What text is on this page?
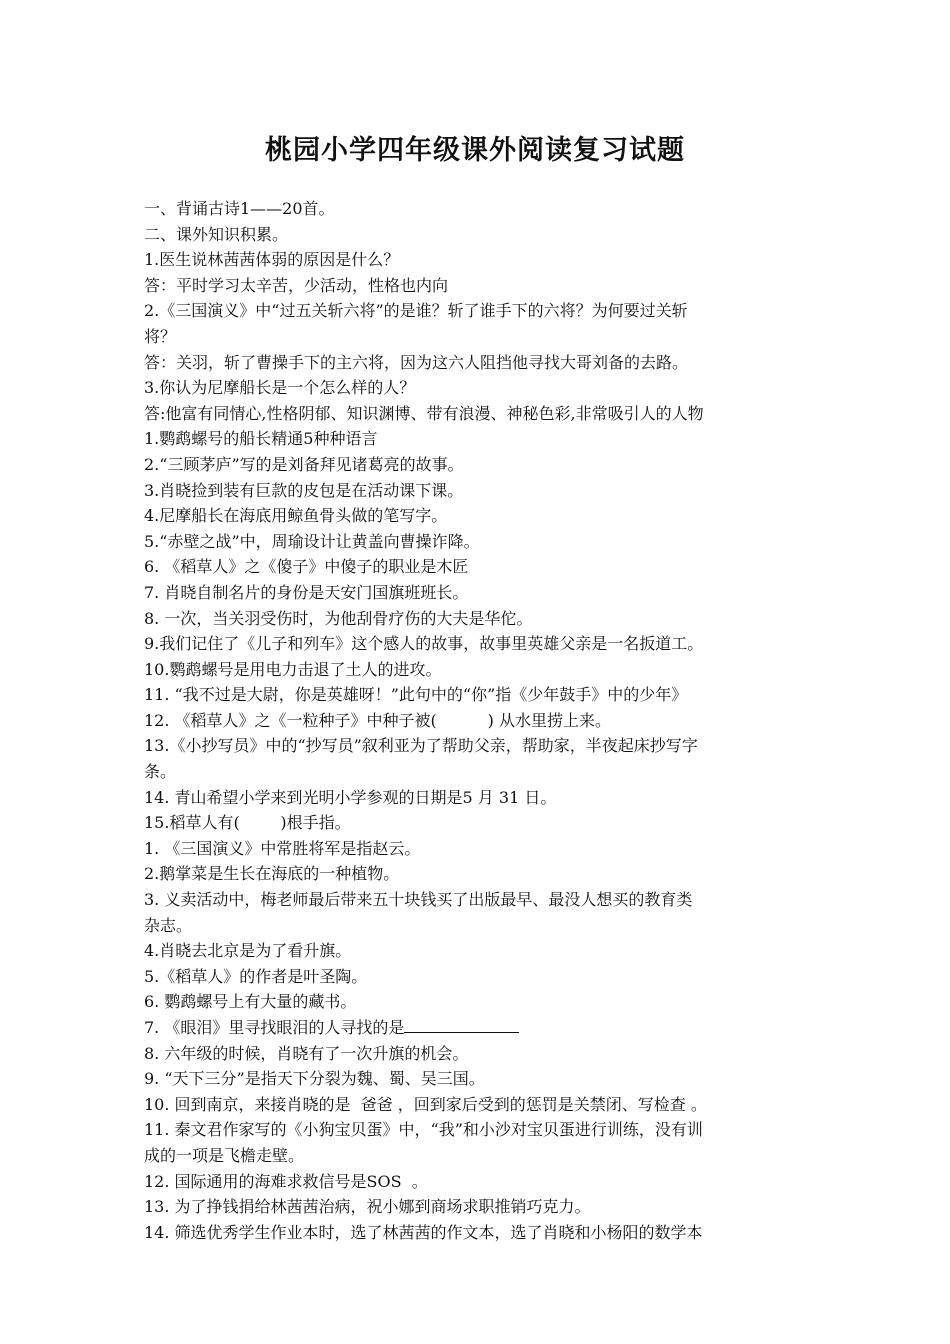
桃园小学四年级课外阅读复习试题

一、背诵古诗1——20首。

二、课外知识积累。

1.医生说林茜茜体弱的原因是什么？

答：平时学习太辛苦，少活动，性格也内向

2.《三国演义》中“过五关斩六将”的是谁？斩了谁手下的六将？为何要过关斩

将？

答：关羽，斩了曹操手下的主六将，因为这六人阻挡他寻找大哥刘备的去路。

3.你认为尼摩船长是一个怎么样的人？

答:他富有同情心,性格阴郁、知识渊博、带有浪漫、神秘色彩,非常吸引人的人物

1.鹦鹉螺号的船长精通5种种语言

2.“三顾茅庐”写的是刘备拜见诸葛亮的故事。

3.肖晓捡到装有巨款的皮包是在活动课下课。

4.尼摩船长在海底用鲸鱼骨头做的笔写字。

5.“赤壁之战”中，周瑜设计让黄盖向曹操诈降。

6. 《稻草人》之《傻子》中傻子的职业是木匠

7. 肖晓自制名片的身份是天安门国旗班班长。

8. 一次，当关羽受伤时，为他刮骨疗伤的大夫是华佗。

9.我们记住了《儿子和列车》这个感人的故事，故事里英雄父亲是一名扳道工。

10.鹦鹉螺号是用电力击退了土人的进攻。

11. “我不过是大尉，你是英雄呀！”此句中的“你”指《少年鼓手》中的少年》

12. 《稻草人》之《一粒种子》中种子被(          ) 从水里捞上来。

13.《小抄写员》中的“抄写员”叙利亚为了帮助父亲，帮助家，半夜起床抄写字

条。

14. 青山希望小学来到光明小学参观的日期是5 月 31 日。

15.稻草人有(        )根手指。

1. 《三国演义》中常胜将军是指赵云。

2.鹅掌菜是生长在海底的一种植物。

3. 义卖活动中，梅老师最后带来五十块钱买了出版最早、最没人想买的教育类

杂志。

4.肖晓去北京是为了看升旗。

5.《稻草人》的作者是叶圣陶。

6. 鹦鹉螺号上有大量的藏书。

7. 《眼泪》里寻找眼泪的人寻找的是

8. 六年级的时候，肖晓有了一次升旗的机会。

9. “天下三分”是指天下分裂为魏、蜀、吴三国。

10. 回到南京，来接肖晓的是  爸爸 ，回到家后受到的惩罚是关禁闭、写检查 。

11. 秦文君作家写的《小狗宝贝蛋》中，“我”和小沙对宝贝蛋进行训练，没有训

成的一项是飞檐走壁。

12. 国际通用的海难求救信号是SOS  。

13. 为了挣钱捐给林茜茜治病，祝小娜到商场求职推销巧克力。

14. 筛选优秀学生作业本时，选了林茜茜的作文本，选了肖晓和小杨阳的数学本
